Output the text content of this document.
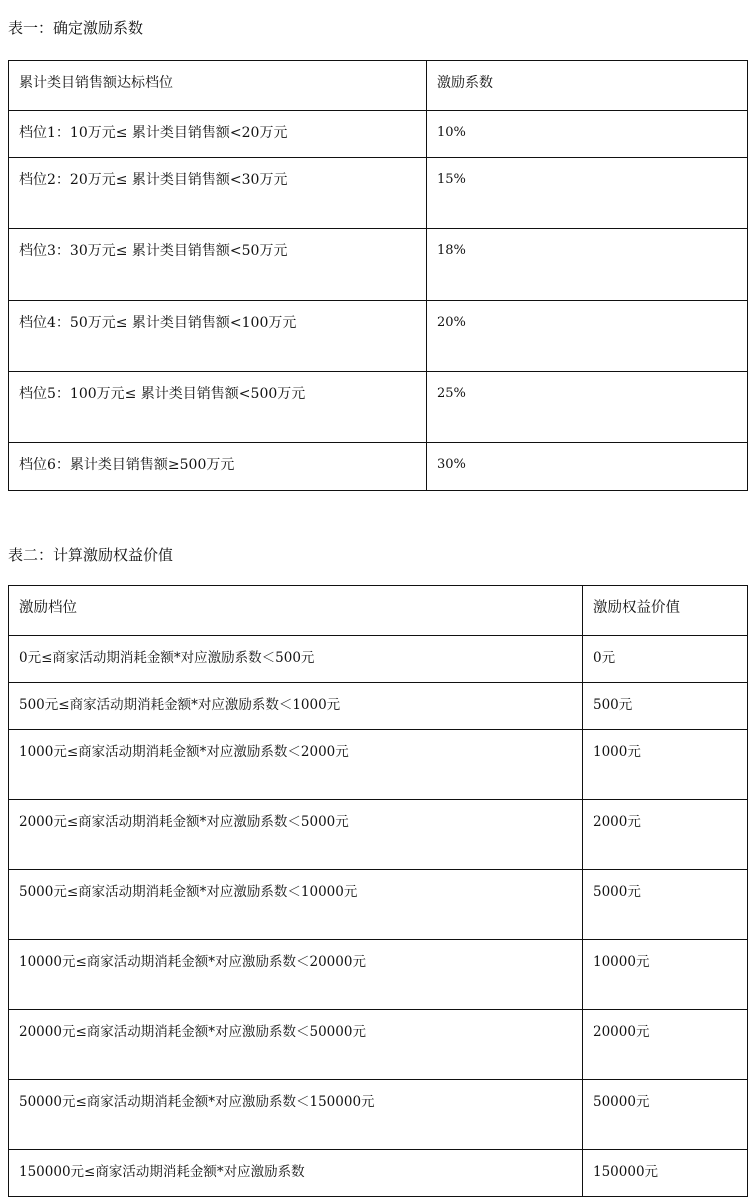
表一：确定激励系数
累计类目销售额达标档位	激励系数
档位1：10万元≤ 累计类目销售额<20万元	10%
档位2：20万元≤ 累计类目销售额<30万元	15%
档位3：30万元≤ 累计类目销售额<50万元	18%
档位4：50万元≤ 累计类目销售额<100万元	20%
档位5：100万元≤ 累计类目销售额<500万元	25%
档位6：累计类目销售额≥500万元	30%
表二：计算激励权益价值
激励档位	激励权益价值
0元≤商家活动期消耗金额*对应激励系数＜500元	0元
500元≤商家活动期消耗金额*对应激励系数＜1000元	500元
1000元≤商家活动期消耗金额*对应激励系数＜2000元	1000元
2000元≤商家活动期消耗金额*对应激励系数＜5000元	2000元
5000元≤商家活动期消耗金额*对应激励系数＜10000元	5000元
10000元≤商家活动期消耗金额*对应激励系数＜20000元	10000元
20000元≤商家活动期消耗金额*对应激励系数＜50000元	20000元
50000元≤商家活动期消耗金额*对应激励系数＜150000元	50000元
150000元≤商家活动期消耗金额*对应激励系数	150000元
